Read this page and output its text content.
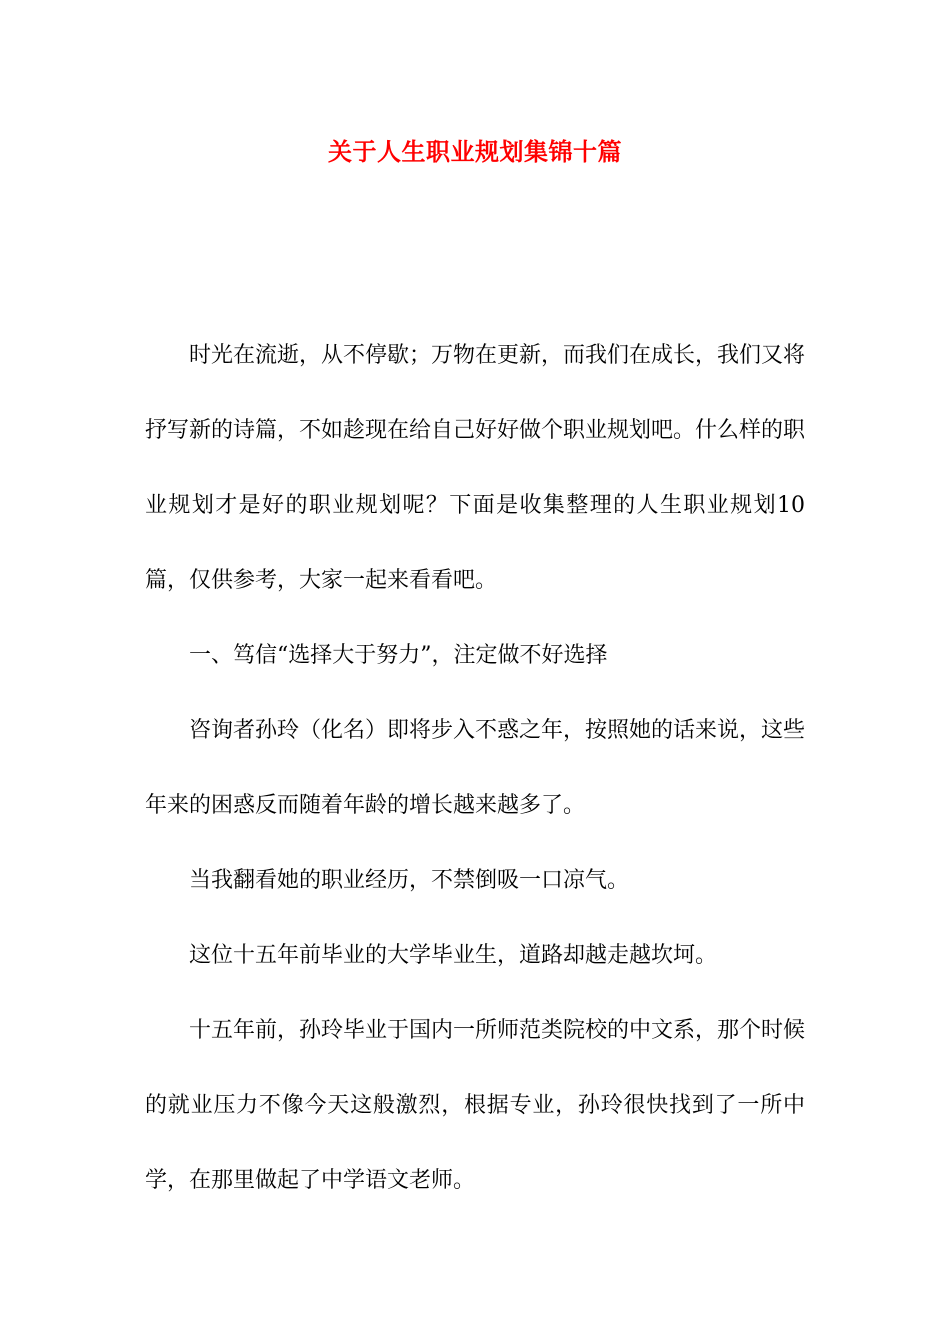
关于人生职业规划集锦十篇

时光在流逝，从不停歇；万物在更新，而我们在成长，我们又将抒写新的诗篇，不如趁现在给自己好好做个职业规划吧。什么样的职业规划才是好的职业规划呢？下面是收集整理的人生职业规划10篇，仅供参考，大家一起来看看吧。

一、笃信“选择大于努力”，注定做不好选择

咨询者孙玲（化名）即将步入不惑之年，按照她的话来说，这些年来的困惑反而随着年龄的增长越来越多了。

当我翻看她的职业经历，不禁倒吸一口凉气。

这位十五年前毕业的大学毕业生，道路却越走越坎坷。

十五年前，孙玲毕业于国内一所师范类院校的中文系，那个时候的就业压力不像今天这般激烈，根据专业，孙玲很快找到了一所中学，在那里做起了中学语文老师。
